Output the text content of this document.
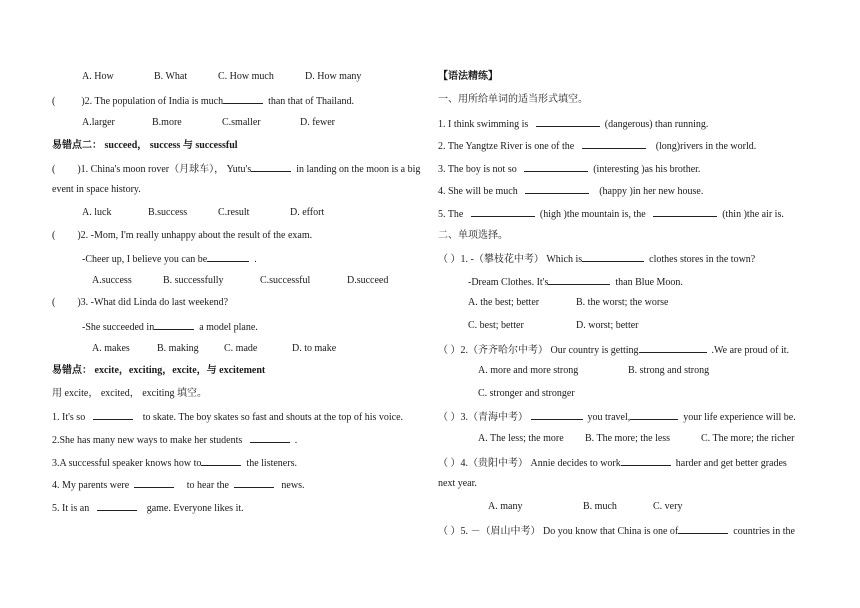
A. How	B. What	C. How much	D. How many
(	)2. The population of India is much	than that of Thailand.
A.larger	B.more	C.smaller	D. fewer
易错点二： succeed， success 与 successful
( )1. China's moon rover（月球车）， Yutu's	in landing on the moon is a big
event in space history.
A. luck	B.success	C.result	D. effort
( )2. -Mom, I'm really unhappy about the result of the exam.
-Cheer up, I believe you can be	.
A.success	B. successfully	C.successful	D.succeed
( )3. -What did Linda do last weekend?
-She succeeded in	a model plane.
A. makes	B. making	C. made	D. to make
易错点： excite，exciting，excite，与 excitement
用 excite， excited， exciting 填空。
1. It's so	to skate. The boy skates so fast and shouts at the top of his voice.
2.She has many new ways to make her students	.
3.A successful speaker knows how to	the listeners.
4. My parents were	to hear the	news.
5. It is an	game. Everyone likes it.
【语法精练】
一、用所给单词的适当形式填空。
1. I think swimming is	(dangerous) than running.
2. The Yangtze River is one of the	(long)rivers in the world.
3. The boy is not so	(interesting )as his brother.
4. She will be much	(happy )in her new house.
5. The	(high )the mountain is, the	(thin )the air is.
二、单项选择。
（ ）1. -（攀枝花中考） Which is	clothes stores in the town?
-Dream Clothes. It's	than Blue Moon.
A. the best; better	B. the worst; the worse
C. best; better	D. worst; better
（ ）2.（齐齐哈尔中考） Our country is getting	.We are proud of it.
A. more and more strong	B. strong and strong
C. stronger and stronger
（ ）3.（青海中考）	you travel,	your life experience will be.
A. The less; the more B. The more; the less	C. The more; the richer
（ ）4.（贵阳中考） Annie decides to work	harder and get better grades
next year.
A. many	B. much	C. very
（ ）5. －（眉山中考） Do you know that China is one of	countries in the
